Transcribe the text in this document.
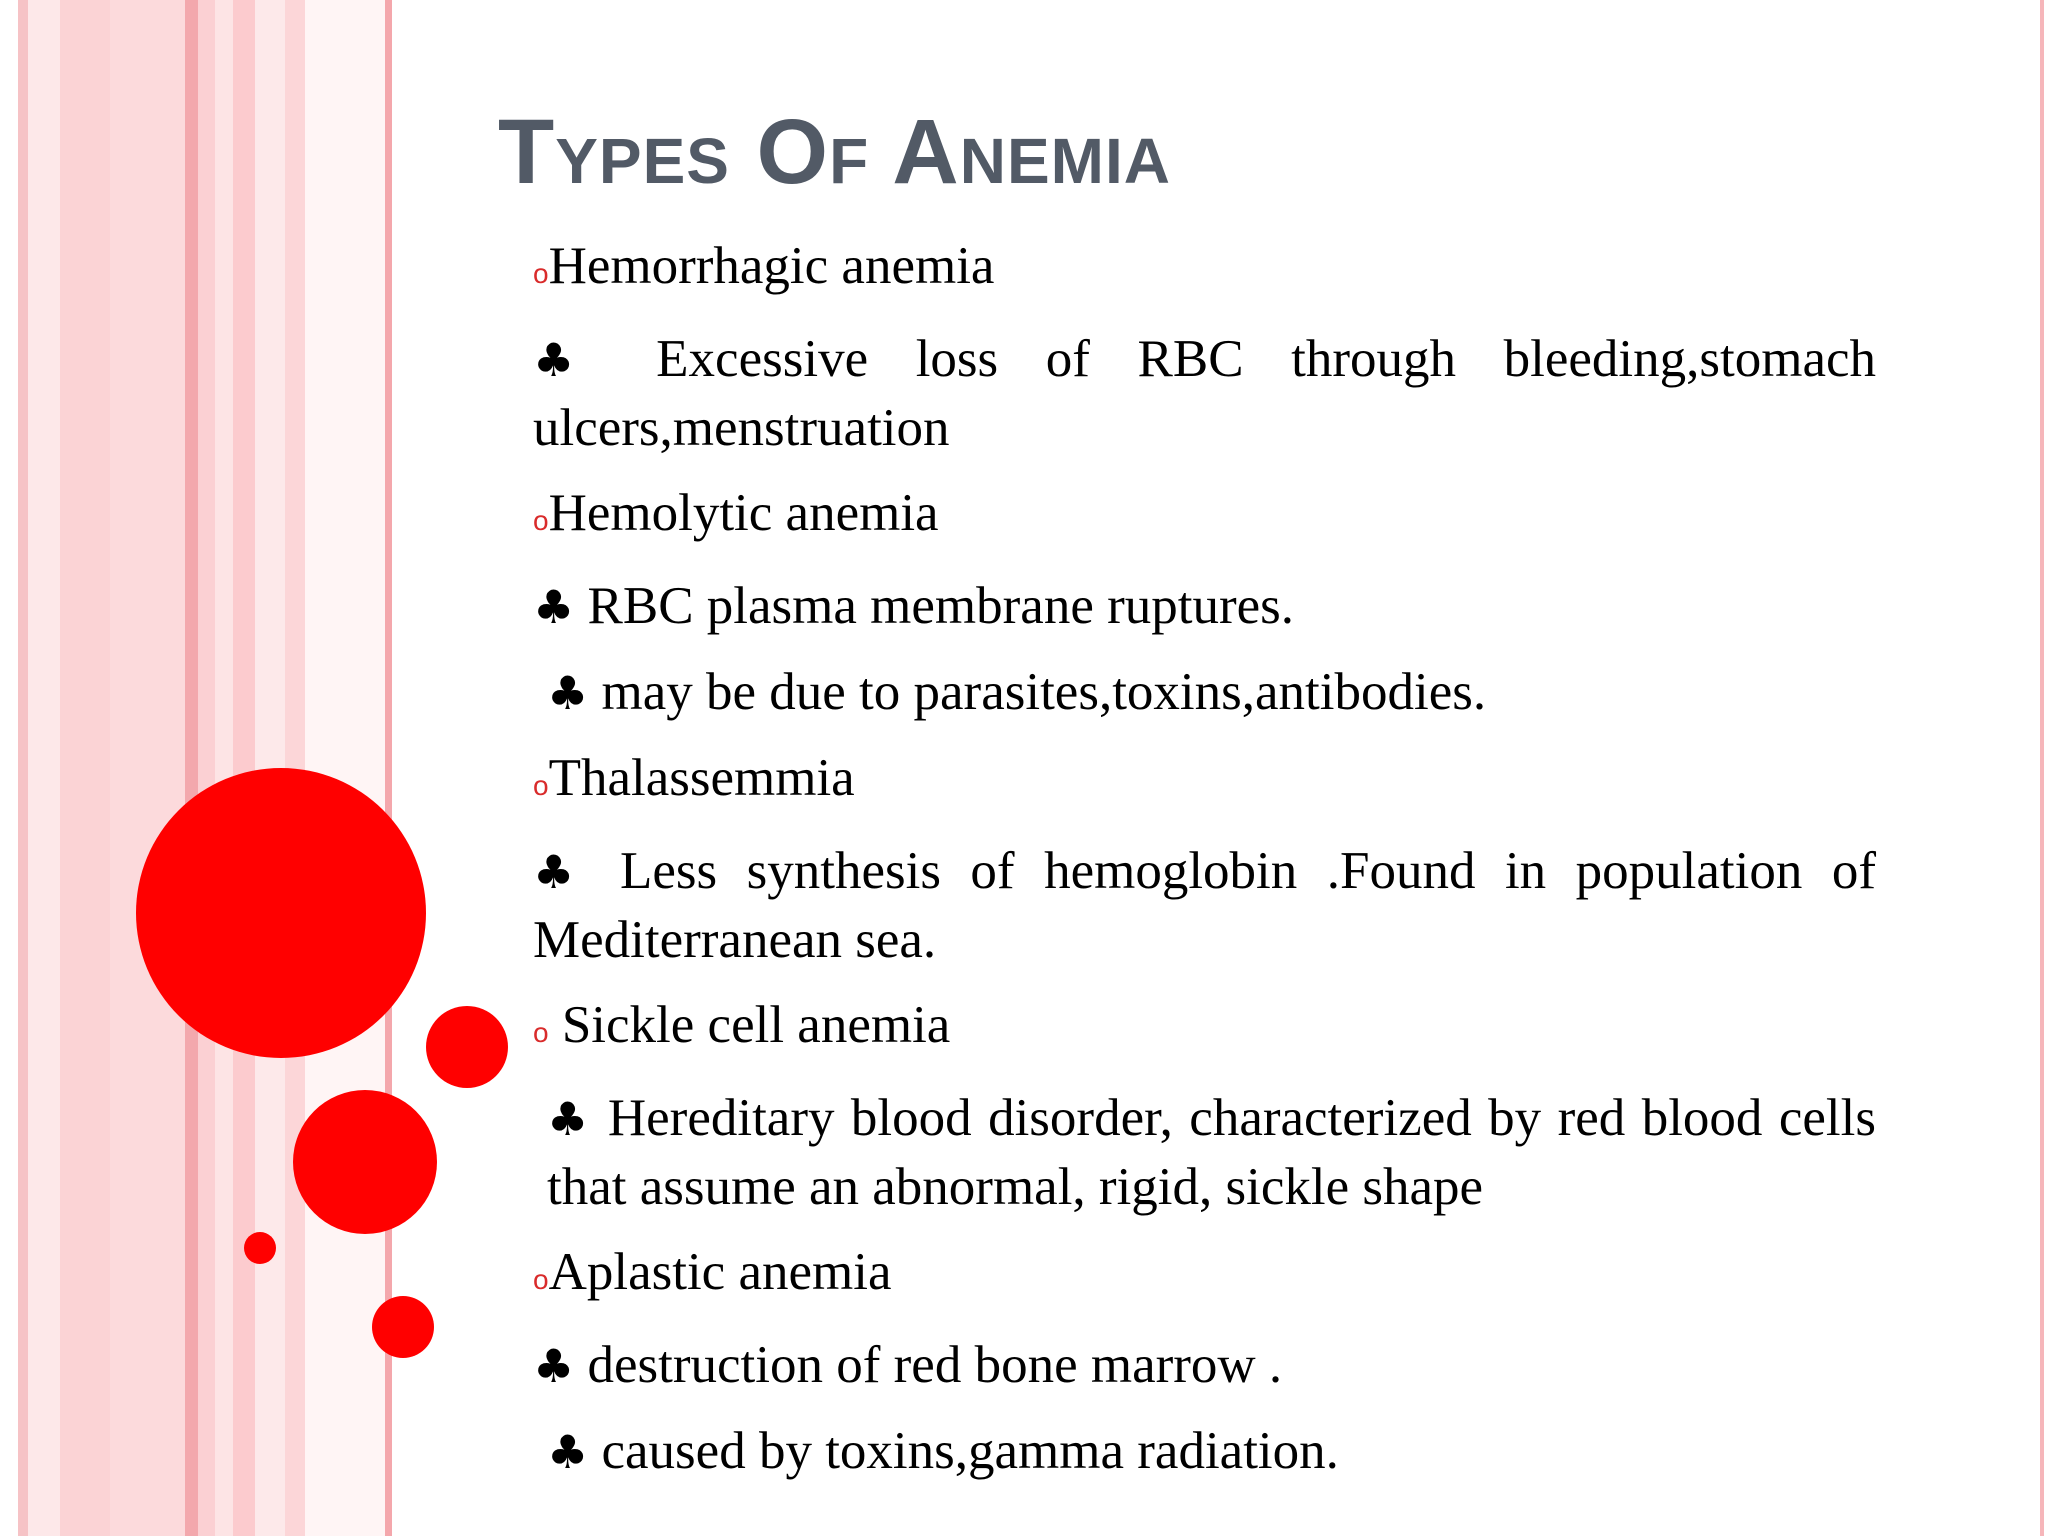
Types Of Anemia

oHemorrhagic anemia

♣ Excessive loss of RBC through bleeding,stomach ulcers,menstruation

oHemolytic anemia

♣ RBC plasma membrane ruptures.

♣ may be due to parasites,toxins,antibodies.

oThalassemmia

♣ Less synthesis of hemoglobin .Found in population of Mediterranean sea.

o Sickle cell anemia

♣ Hereditary blood disorder, characterized by red blood cells that assume an abnormal, rigid, sickle shape

oAplastic anemia

♣ destruction of red bone marrow .

♣ caused by toxins,gamma radiation.
